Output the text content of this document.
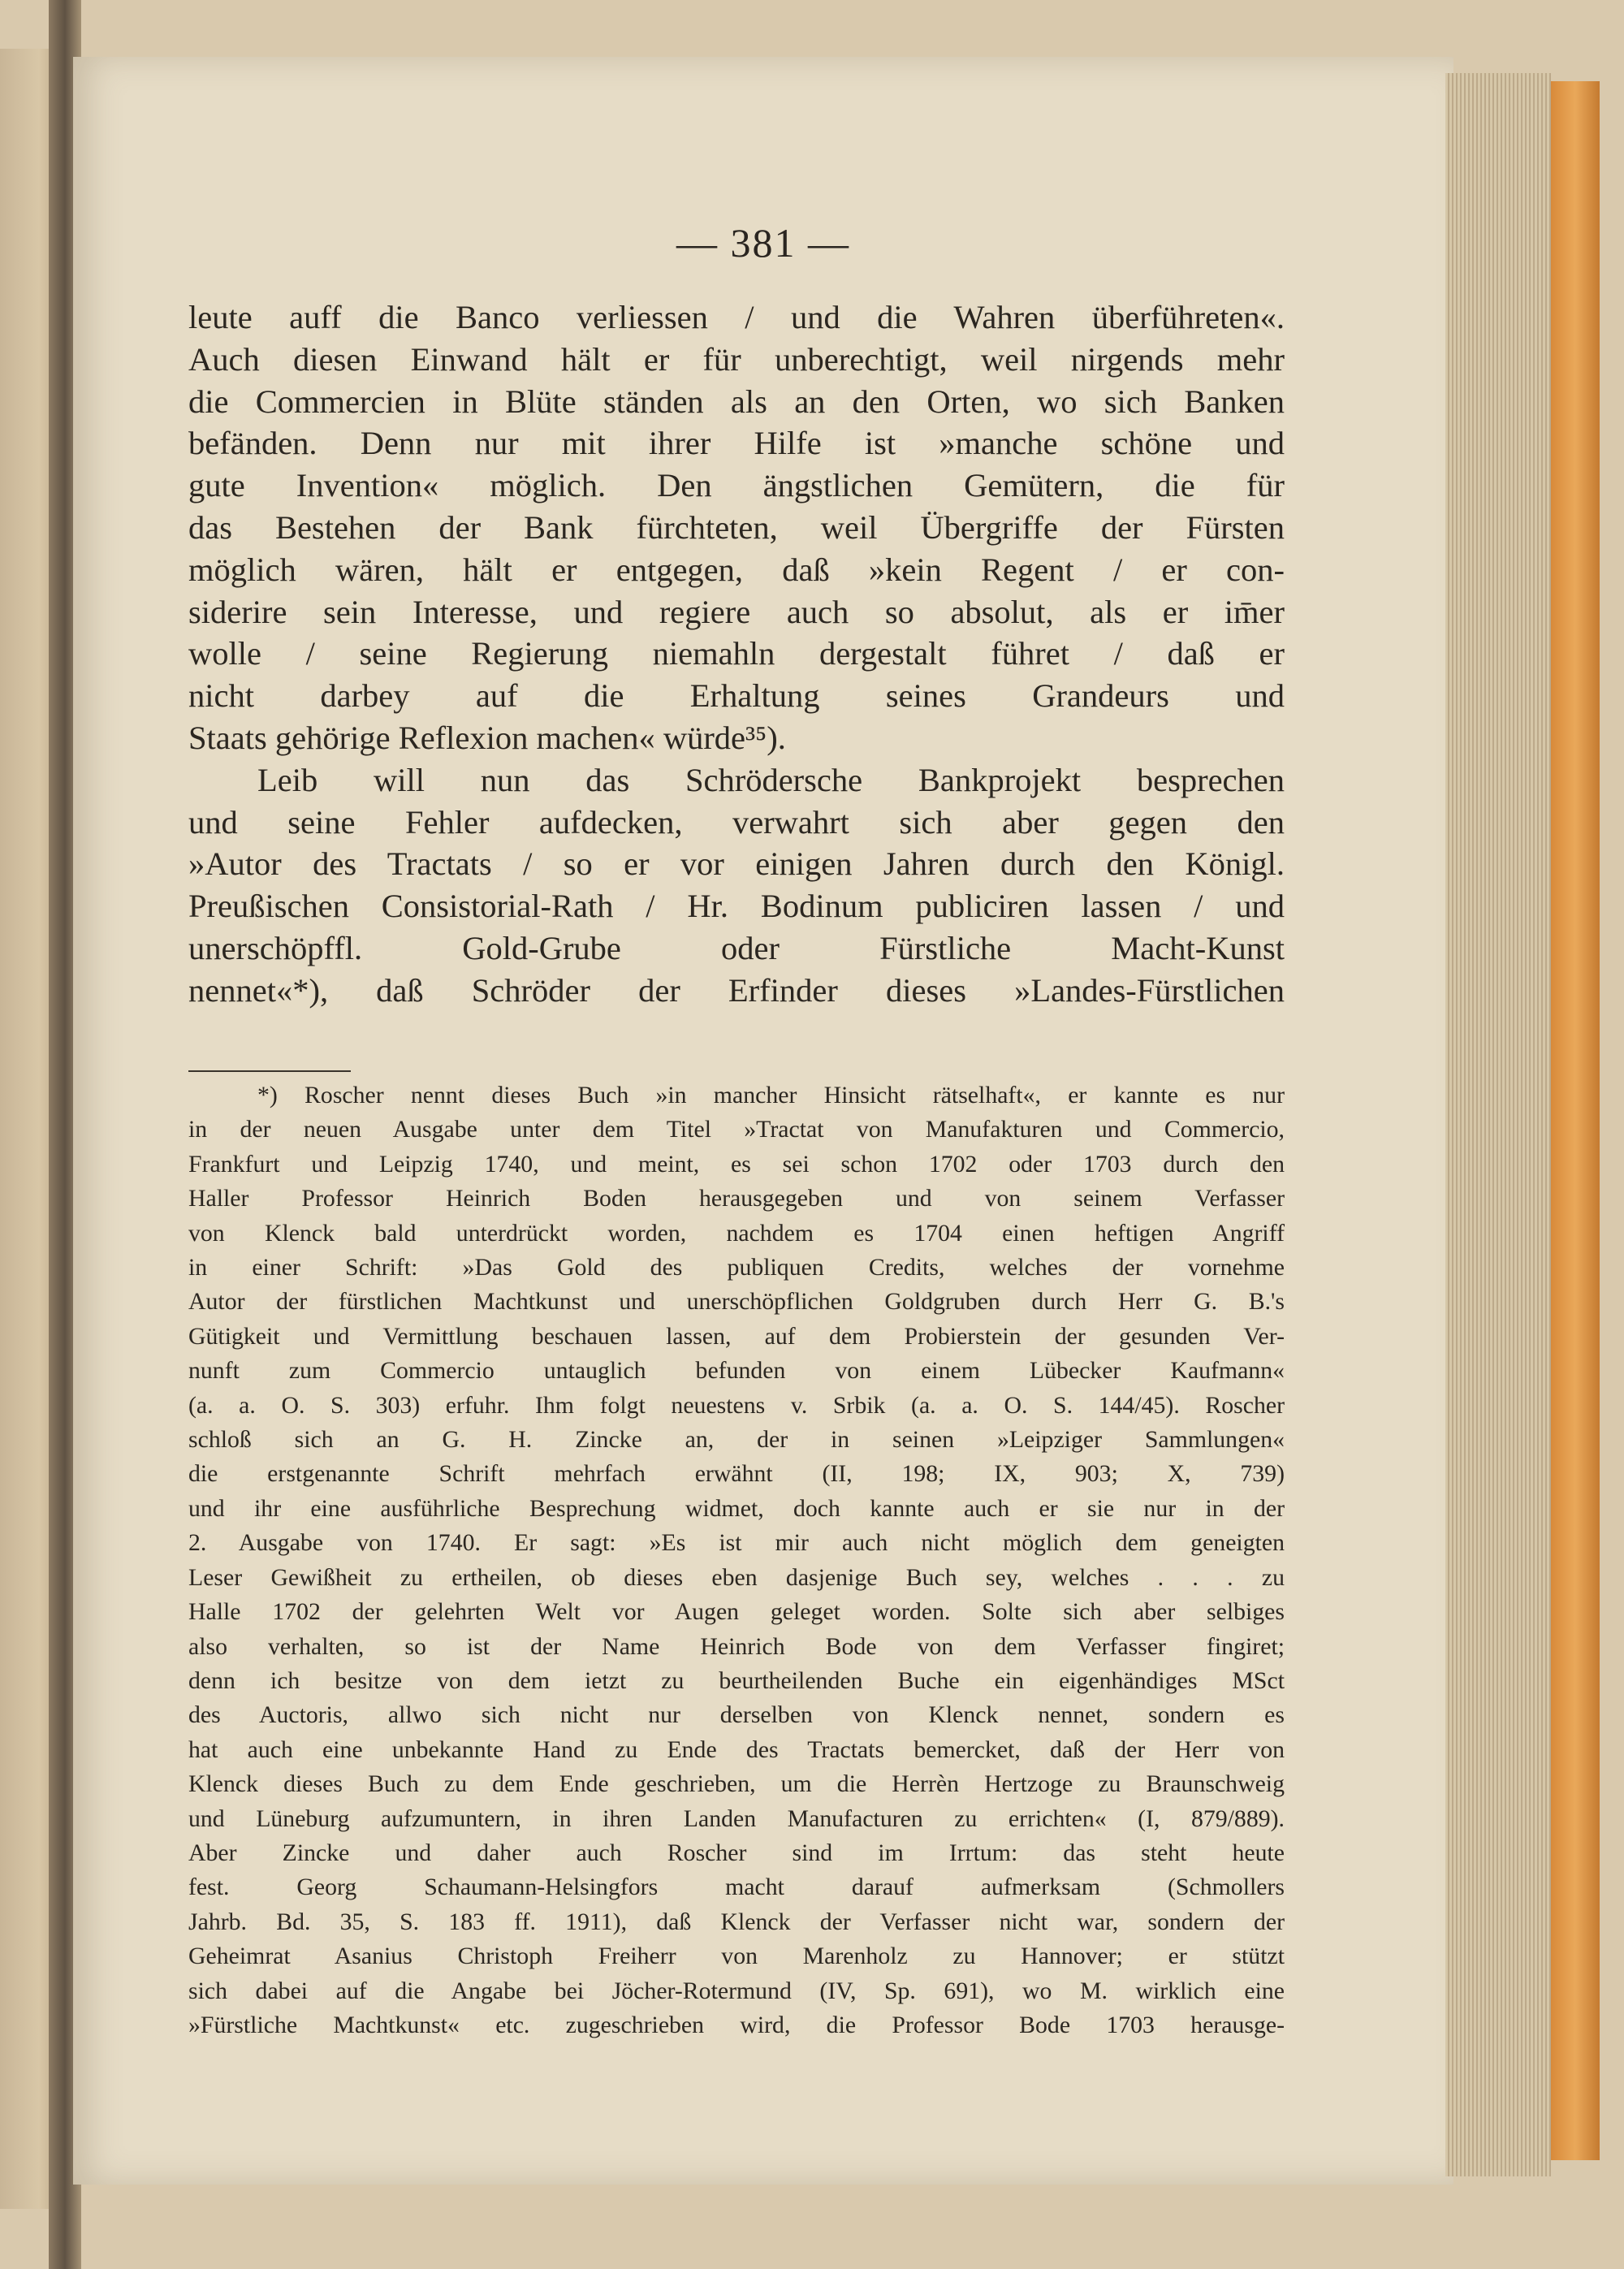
— 381 —

leute auff die Banco verliessen / und die Wahren überführeten«.

Auch diesen Einwand hält er für unberechtigt, weil nirgends mehr

die Commercien in Blüte ständen als an den Orten, wo sich Banken

befänden. Denn nur mit ihrer Hilfe ist »manche schöne und

gute Invention« möglich. Den ängstlichen Gemütern, die für

das Bestehen der Bank fürchteten, weil Übergriffe der Fürsten

möglich wären, hält er entgegen, daß »kein Regent / er con-

siderire sein Interesse, und regiere auch so absolut, als er im̄er

wolle / seine Regierung niemahln dergestalt führet / daß er

nicht darbey auf die Erhaltung seines Grandeurs und

Staats gehörige Reflexion machen« würde³⁵).

Leib will nun das Schrödersche Bankprojekt besprechen

und seine Fehler aufdecken, verwahrt sich aber gegen den

»Autor des Tractats / so er vor einigen Jahren durch den Königl.

Preußischen Consistorial-Rath / Hr. Bodinum publiciren lassen / und

unerschöpffl. Gold-Grube oder Fürstliche Macht-Kunst

nennet«*), daß Schröder der Erfinder dieses »Landes-Fürstlichen

*) Roscher nennt dieses Buch »in mancher Hinsicht rätselhaft«, er kannte es nur

in der neuen Ausgabe unter dem Titel »Tractat von Manufakturen und Commercio,

Frankfurt und Leipzig 1740, und meint, es sei schon 1702 oder 1703 durch den

Haller Professor Heinrich Boden herausgegeben und von seinem Verfasser

von Klenck bald unterdrückt worden, nachdem es 1704 einen heftigen Angriff

in einer Schrift: »Das Gold des publiquen Credits, welches der vornehme

Autor der fürstlichen Machtkunst und unerschöpflichen Goldgruben durch Herr G. B.'s

Gütigkeit und Vermittlung beschauen lassen, auf dem Probierstein der gesunden Ver-

nunft zum Commercio untauglich befunden von einem Lübecker Kaufmann«

(a. a. O. S. 303) erfuhr. Ihm folgt neuestens v. Srbik (a. a. O. S. 144/45). Roscher

schloß sich an G. H. Zincke an, der in seinen »Leipziger Sammlungen«

die erstgenannte Schrift mehrfach erwähnt (II, 198; IX, 903; X, 739)

und ihr eine ausführliche Besprechung widmet, doch kannte auch er sie nur in der

2. Ausgabe von 1740. Er sagt: »Es ist mir auch nicht möglich dem geneigten

Leser Gewißheit zu ertheilen, ob dieses eben dasjenige Buch sey, welches . . . zu

Halle 1702 der gelehrten Welt vor Augen geleget worden. Solte sich aber selbiges

also verhalten, so ist der Name Heinrich Bode von dem Verfasser fingiret;

denn ich besitze von dem ietzt zu beurtheilenden Buche ein eigenhändiges MSct

des Auctoris, allwo sich nicht nur derselben von Klenck nennet, sondern es

hat auch eine unbekannte Hand zu Ende des Tractats bemercket, daß der Herr von

Klenck dieses Buch zu dem Ende geschrieben, um die Herrèn Hertzoge zu Braunschweig

und Lüneburg aufzumuntern, in ihren Landen Manufacturen zu errichten« (I, 879/889).

Aber Zincke und daher auch Roscher sind im Irrtum: das steht heute

fest. Georg Schaumann-Helsingfors macht darauf aufmerksam (Schmollers

Jahrb. Bd. 35, S. 183 ff. 1911), daß Klenck der Verfasser nicht war, sondern der

Geheimrat Asanius Christoph Freiherr von Marenholz zu Hannover; er stützt

sich dabei auf die Angabe bei Jöcher-Rotermund (IV, Sp. 691), wo M. wirklich eine

»Fürstliche Machtkunst« etc. zugeschrieben wird, die Professor Bode 1703 herausge-
